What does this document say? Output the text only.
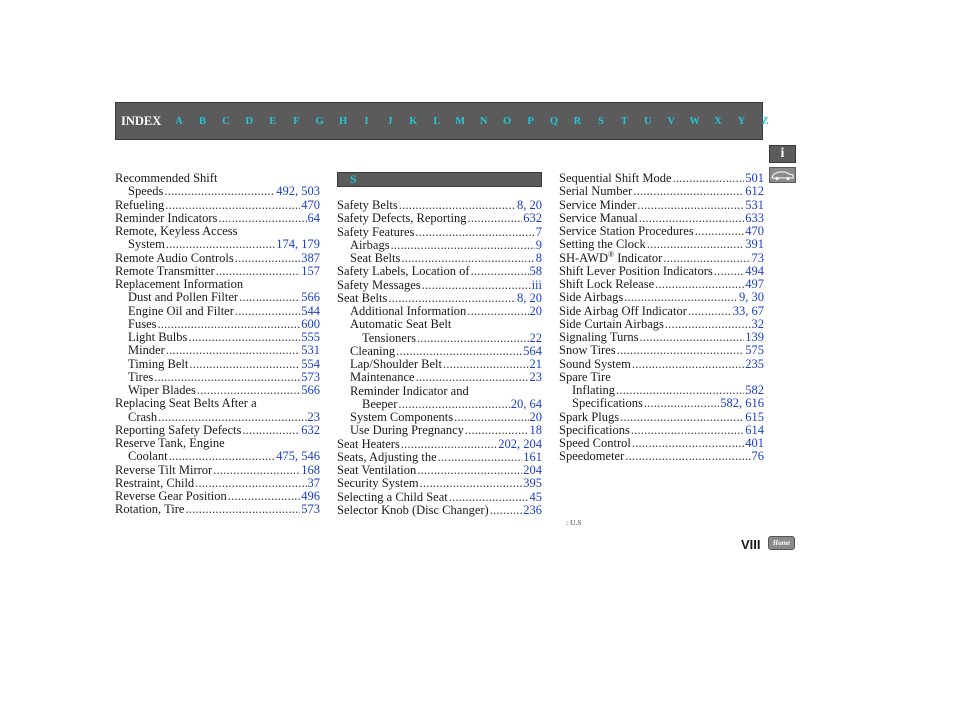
INDEX	A	B	C	D	E	F	G	H	I	J	K	L	M	N	O	P	Q	R	S	T	U	V	W	X	Y	Z
i
Recommended Shift
Speeds .....	492, 503
Refueling .....	470
Reminder Indicators .....	64
Remote, Keyless Access
System .....	174, 179
Remote Audio Controls .....	387
Remote Transmitter .....	157
Replacement Information
Dust and Pollen Filter .....	566
Engine Oil and Filter .....	544
Fuses .....	600
Light Bulbs .....	555
Minder .....	531
Timing Belt .....	554
Tires .....	573
Wiper Blades .....	566
Replacing Seat Belts After a
Crash .....	23
Reporting Safety Defects .....	632
Reserve Tank, Engine
Coolant .....	475, 546
Reverse Tilt Mirror .....	168
Restraint, Child .....	37
Reverse Gear Position .....	496
Rotation, Tire .....	573
S
Safety Belts .....	8, 20
Safety Defects, Reporting .....	632
Safety Features .....	7
Airbags .....	9
Seat Belts .....	8
Safety Labels, Location of .....	58
Safety Messages .....	iii
Seat Belts .....	8, 20
Additional Information .....	20
Automatic Seat Belt
Tensioners .....	22
Cleaning .....	564
Lap/Shoulder Belt .....	21
Maintenance .....	23
Reminder Indicator and
Beeper .....	20, 64
System Components .....	20
Use During Pregnancy .....	18
Seat Heaters .....	202, 204
Seats, Adjusting the .....	161
Seat Ventilation .....	204
Security System .....	395
Selecting a Child Seat .....	45
Selector Knob (Disc Changer) .....	236
Sequential Shift Mode .....	501
Serial Number .....	612
Service Minder .....	531
Service Manual .....	633
Service Station Procedures .....	470
Setting the Clock .....	391
SH-AWD® Indicator .....	73
Shift Lever Position Indicators .....	494
Shift Lock Release .....	497
Side Airbags .....	9, 30
Side Airbag Off Indicator .....	33, 67
Side Curtain Airbags .....	32
Signaling Turns .....	139
Snow Tires .....	575
Sound System .....	235
Spare Tire
Inflating .....	582
Specifications .....	582, 616
Spark Plugs .....	615
Specifications .....	614
Speed Control .....	401
Speedometer .....	76
: U.S
VIII	Home
